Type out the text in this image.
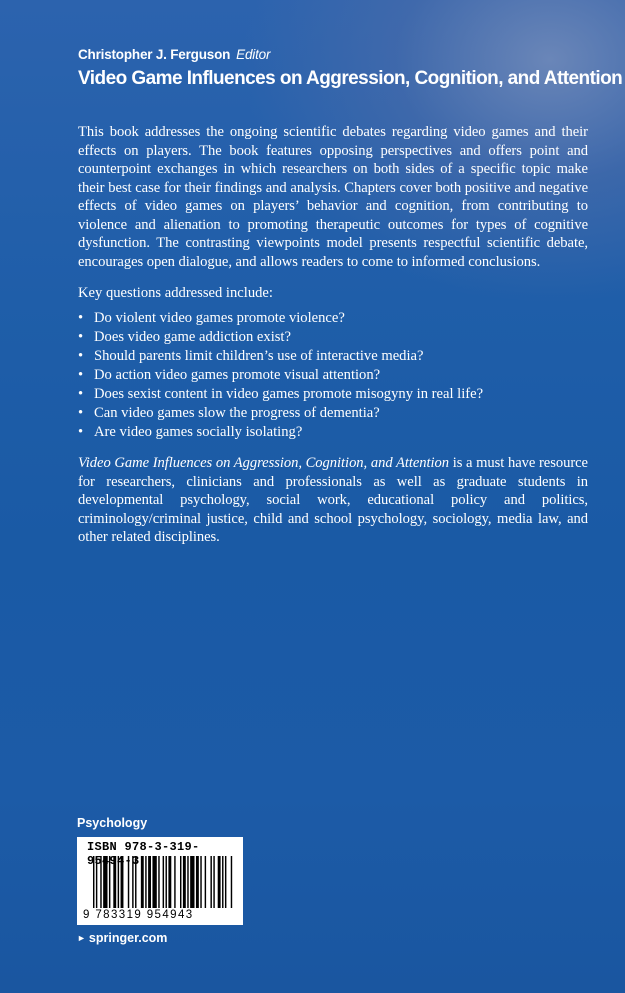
Christopher J. Ferguson Editor
Video Game Influences on Aggression, Cognition, and Attention

This book addresses the ongoing scientific debates regarding video games and their effects on players. The book features opposing perspectives and offers point and counterpoint exchanges in which researchers on both sides of a specific topic make their best case for their findings and analysis. Chapters cover both positive and negative effects of video games on players’ behavior and cognition, from contributing to violence and alienation to promoting therapeutic outcomes for types of cognitive dysfunction. The contrasting viewpoints model presents respectful scientific debate, encourages open dialogue, and allows readers to come to informed conclusions.

Key questions addressed include:

• Do violent video games promote violence?
• Does video game addiction exist?
• Should parents limit children’s use of interactive media?
• Do action video games promote visual attention?
• Does sexist content in video games promote misogyny in real life?
• Can video games slow the progress of dementia?
• Are video games socially isolating?

Video Game Influences on Aggression, Cognition, and Attention is a must have resource for researchers, clinicians and professionals as well as graduate students in developmental psychology, social work, educational policy and politics, criminology/criminal justice, child and school psychology, sociology, media law, and other related disciplines.

Psychology
ISBN 978-3-319-95494-3
9 783319 954943
► springer.com
